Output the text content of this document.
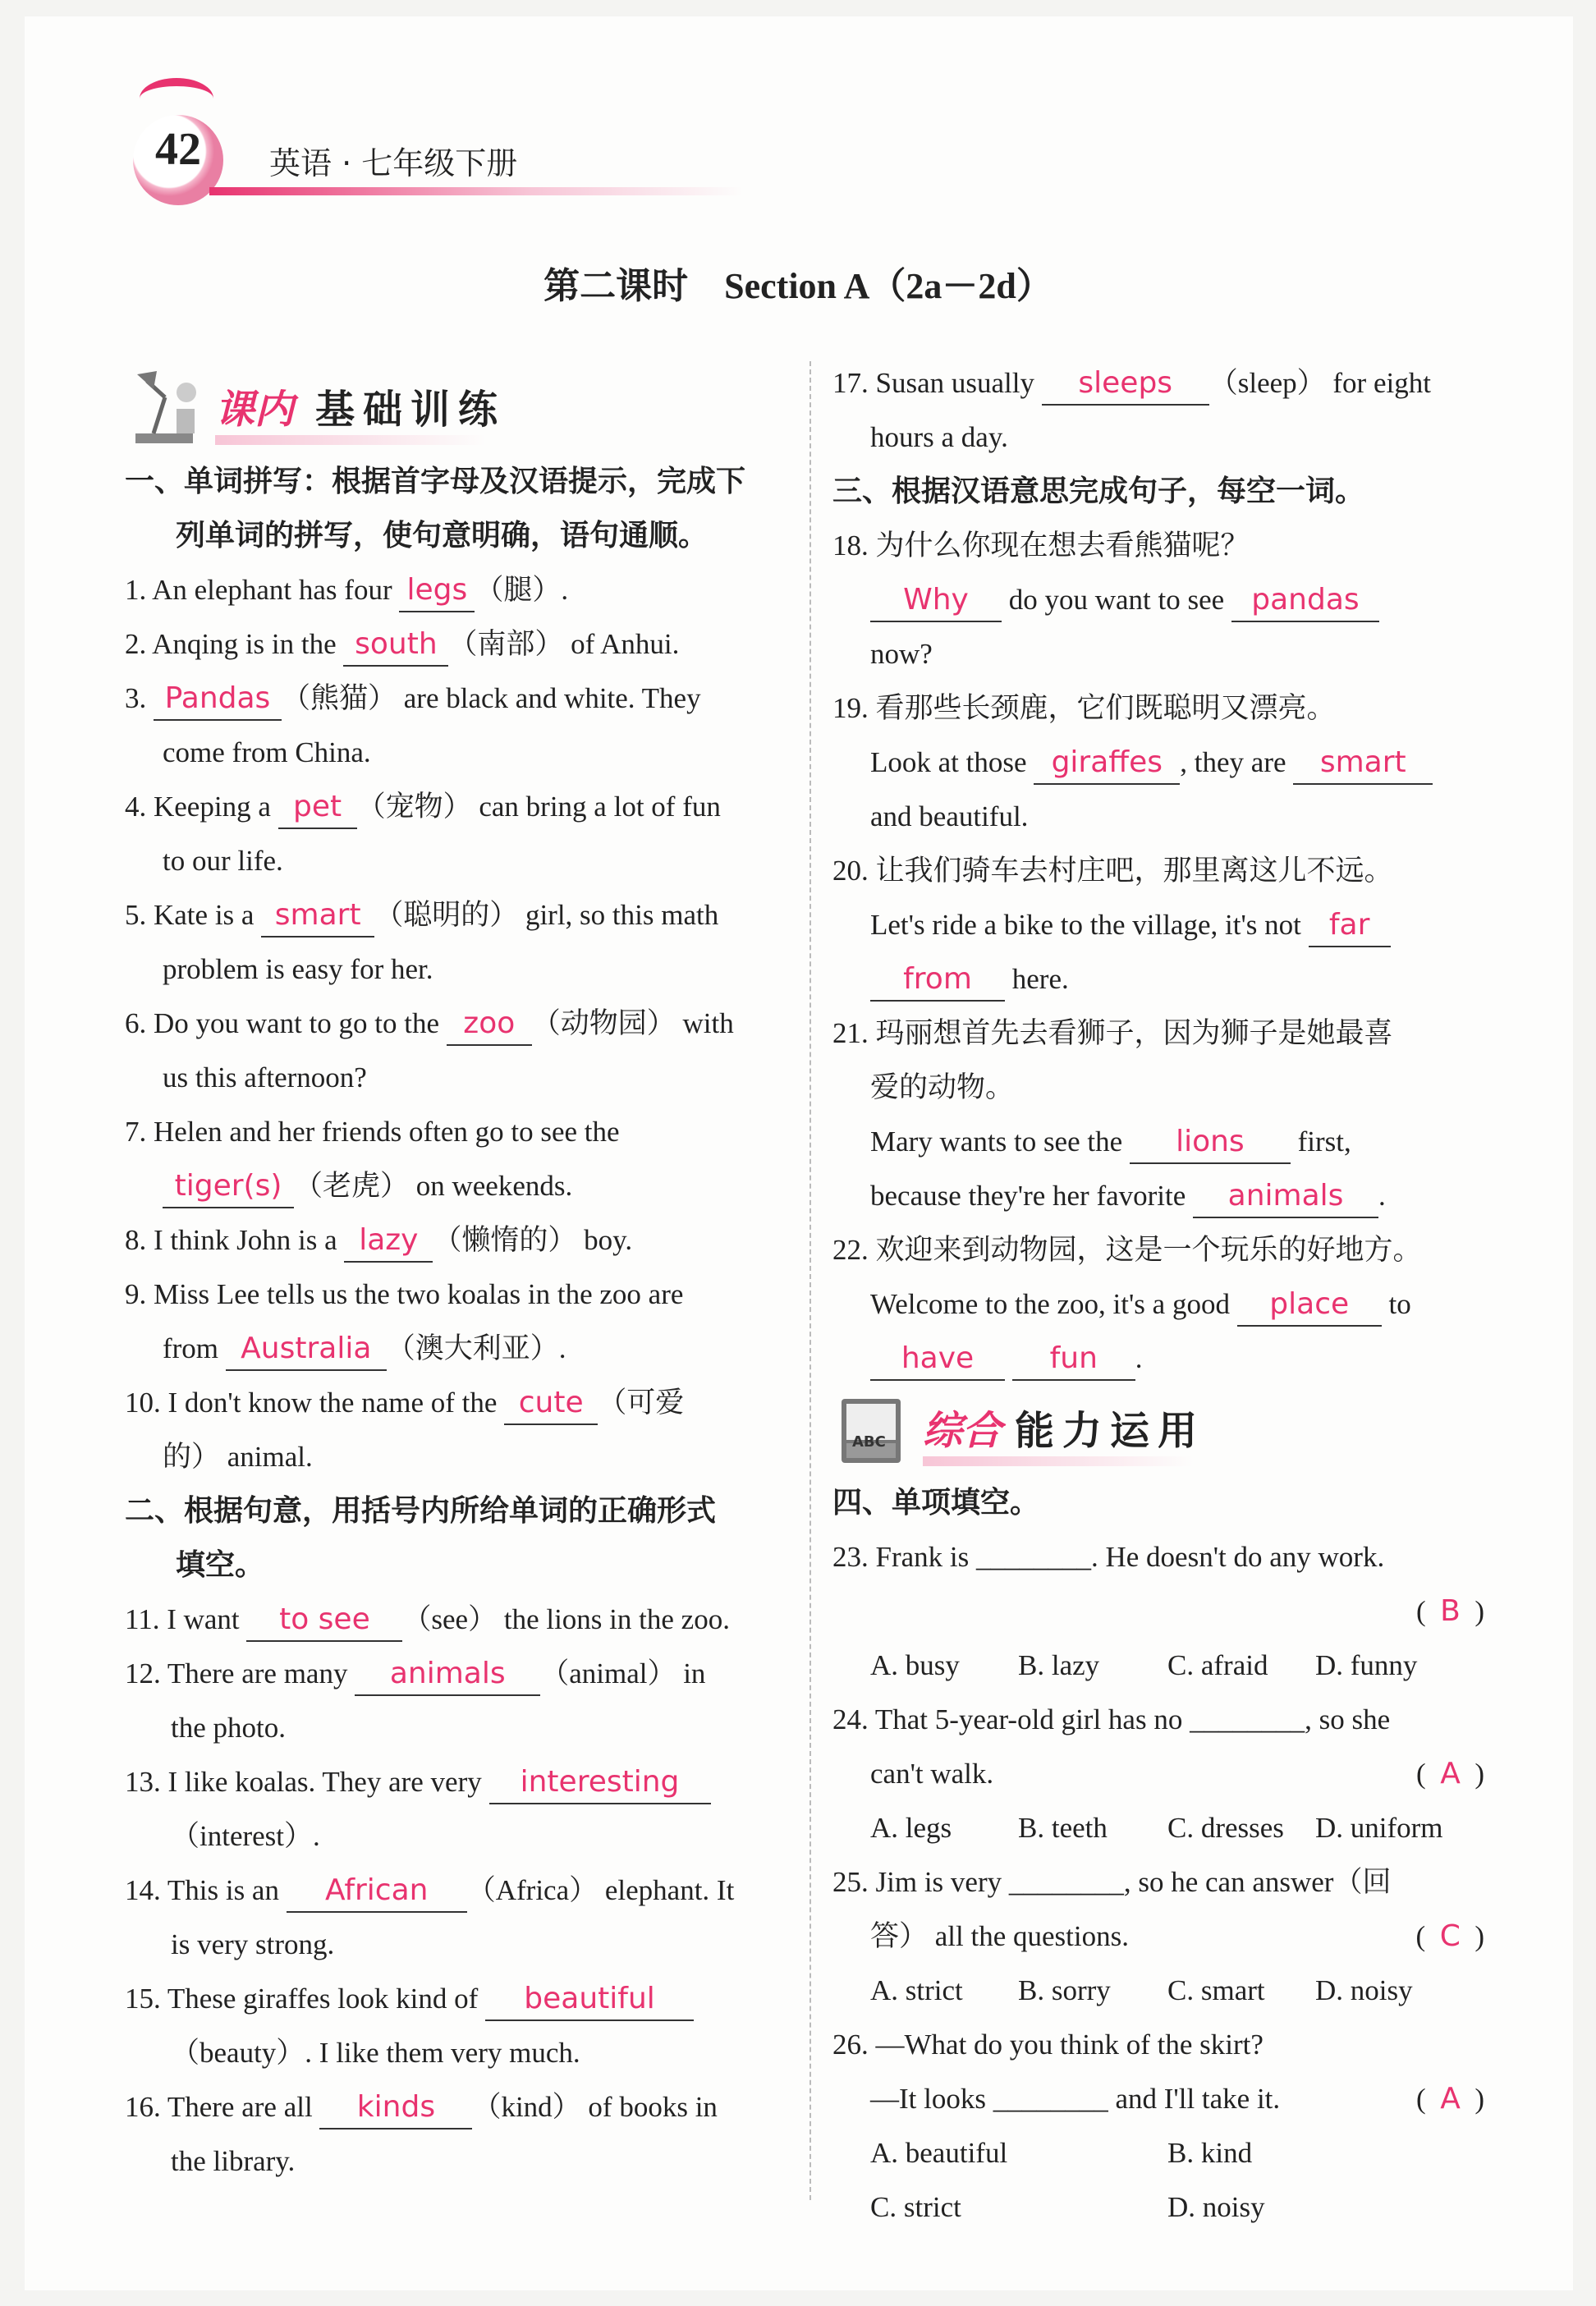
42	英语 · 七年级下册
第二课时　Section A（2a－2d）
课内 基础训练
一、单词拼写：根据首字母及汉语提示，完成下
列单词的拼写，使句意明确，语句通顺。
1. An elephant has four legs （腿）.
2. Anqing is in the south （南部） of Anhui.
3. Pandas （熊猫） are black and white. They
come from China.
4. Keeping a pet （宠物） can bring a lot of fun
to our life.
5. Kate is a smart （聪明的） girl, so this math
problem is easy for her.
6. Do you want to go to the zoo （动物园） with
us this afternoon?
7. Helen and her friends often go to see the
tiger(s) （老虎） on weekends.
8. I think John is a lazy （懒惰的） boy.
9. Miss Lee tells us the two koalas in the zoo are
from Australia （澳大利亚）.
10. I don't know the name of the cute （可爱
的） animal.
二、根据句意，用括号内所给单词的正确形式
填空。
11. I want to see （see） the lions in the zoo.
12. There are many animals （animal） in
the photo.
13. I like koalas. They are very interesting
（interest）.
14. This is an African （Africa） elephant. It
is very strong.
15. These giraffes look kind of beautiful
（beauty）. I like them very much.
16. There are all kinds （kind） of books in
the library.
17. Susan usually sleeps （sleep） for eight
hours a day.
三、根据汉语意思完成句子，每空一词。
18. 为什么你现在想去看熊猫呢？
Why do you want to see pandas
now?
19. 看那些长颈鹿，它们既聪明又漂亮。
Look at those giraffes , they are smart
and beautiful.
20. 让我们骑车去村庄吧，那里离这儿不远。
Let's ride a bike to the village, it's not far
from here.
21. 玛丽想首先去看狮子，因为狮子是她最喜
爱的动物。
Mary wants to see the lions first,
because they're her favorite animals .
22. 欢迎来到动物园，这是一个玩乐的好地方。
Welcome to the zoo, it's a good place to
have	fun .
ABC 综合 能力运用
四、单项填空。
23. Frank is ________. He doesn't do any work.
(  B  )
A. busy B. lazy C. afraid D. funny
24. That 5-year-old girl has no ________, so she
can't walk.	(  A  )
A. legs B. teeth C. dresses D. uniform
25. Jim is very ________, so he can answer（回
答） all the questions.	(  C  )
A. strict B. sorry C. smart D. noisy
26. —What do you think of the skirt?
—It looks ________ and I'll take it.	(  A  )
A. beautiful	B. kind
C. strict	D. noisy
